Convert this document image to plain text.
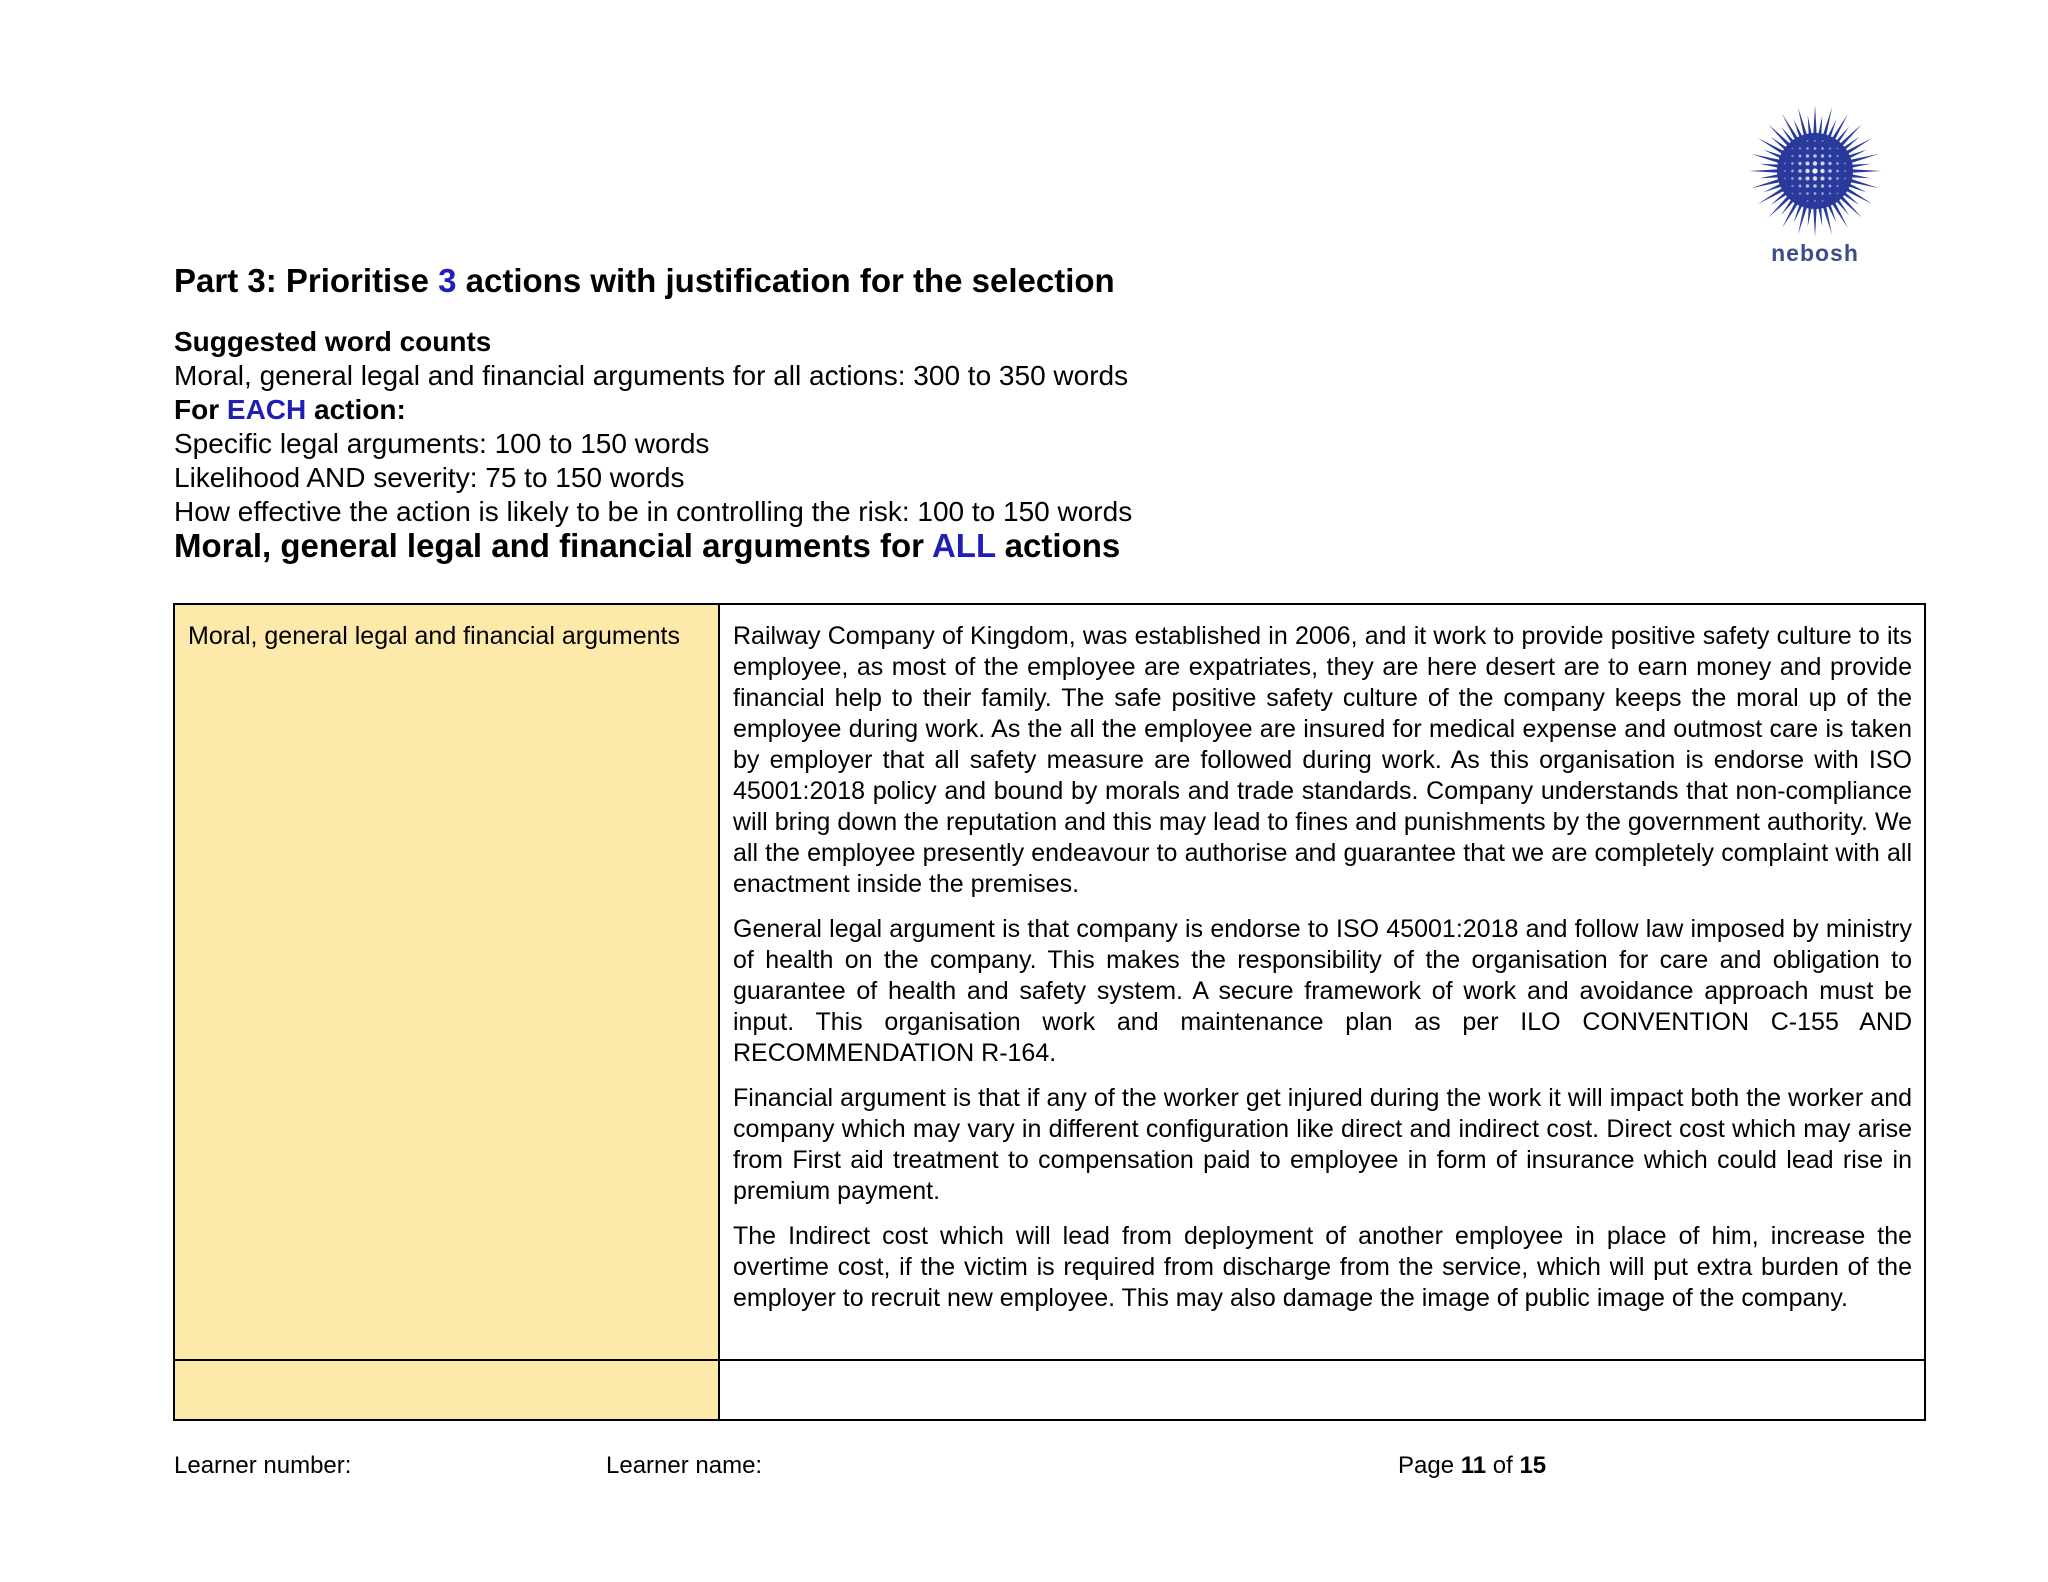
nebosh
Part 3: Prioritise 3 actions with justification for the selection
Suggested word counts
Moral, general legal and financial arguments for all actions: 300 to 350 words
For EACH action:
Specific legal arguments: 100 to 150 words
Likelihood AND severity: 75 to 150 words
How effective the action is likely to be in controlling the risk: 100 to 150 words
Moral, general legal and financial arguments for ALL actions
Moral, general legal and financial arguments	Railway Company of Kingdom, was established in 2006, and it work to provide positive safety culture to its employee, as most of the employee are expatriates, they are here desert are to earn money and provide financial help to their family. The safe positive safety culture of the company keeps the moral up of the employee during work. As the all the employee are insured for medical expense and outmost care is taken by employer that all safety measure are followed during work. As this organisation is endorse with ISO 45001:2018 policy and bound by morals and trade standards. Company understands that non-compliance will bring down the reputation and this may lead to fines and punishments by the government authority. We all the employee presently endeavour to authorise and guarantee that we are completely complaint with all enactment inside the premises.

General legal argument is that company is endorse to ISO 45001:2018 and follow law imposed by ministry of health on the company. This makes the responsibility of the organisation for care and obligation to guarantee of health and safety system. A secure framework of work and avoidance approach must be input. This organisation work and maintenance plan as per ILO CONVENTION C-155 AND RECOMMENDATION R-164.

Financial argument is that if any of the worker get injured during the work it will impact both the worker and company which may vary in different configuration like direct and indirect cost. Direct cost which may arise from First aid treatment to compensation paid to employee in form of insurance which could lead rise in premium payment.

The Indirect cost which will lead from deployment of another employee in place of him, increase the overtime cost, if the victim is required from discharge from the service, which will put extra burden of the employer to recruit new employee. This may also damage the image of public image of the company.

Learner number:	Learner name:	Page 11 of 15
